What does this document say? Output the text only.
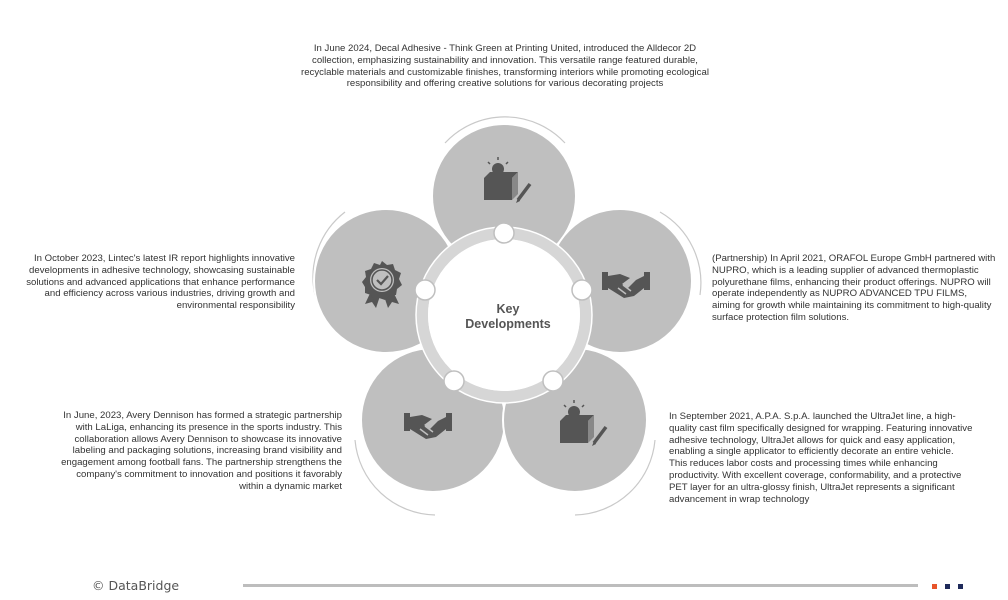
Key
Developments
In June 2024, Decal Adhesive - Think Green at Printing United, introduced the Alldecor 2D collection, emphasizing sustainability and innovation. This versatile range featured durable, recyclable materials and customizable finishes, transforming interiors while promoting ecological responsibility and offering creative solutions for various decorating projects
In October 2023, Lintec's latest IR report highlights innovative developments in adhesive technology, showcasing sustainable solutions and advanced applications that enhance performance and efficiency across various industries, driving growth and environmental responsibility
(Partnership) In April 2021, ORAFOL Europe GmbH partnered with NUPRO, which is a leading supplier of advanced thermoplastic polyurethane films, enhancing their product offerings. NUPRO will operate independently as NUPRO ADVANCED TPU FILMS, aiming for growth while maintaining its commitment to high-quality surface protection film solutions.
In June, 2023, Avery Dennison has formed a strategic partnership with LaLiga, enhancing its presence in the sports industry. This collaboration allows Avery Dennison to showcase its innovative labeling and packaging solutions, increasing brand visibility and engagement among football fans. The partnership strengthens the company's commitment to innovation and positions it favorably within a dynamic market
In September 2021, A.P.A. S.p.A. launched the UltraJet line, a high-quality cast film specifically designed for wrapping. Featuring innovative adhesive technology, UltraJet allows for quick and easy application, enabling a single applicator to efficiently decorate an entire vehicle. This reduces labor costs and processing times while enhancing productivity. With excellent coverage, conformability, and a protective PET layer for an ultra-glossy finish, UltraJet represents a significant advancement in wrap technology
© DataBridge
